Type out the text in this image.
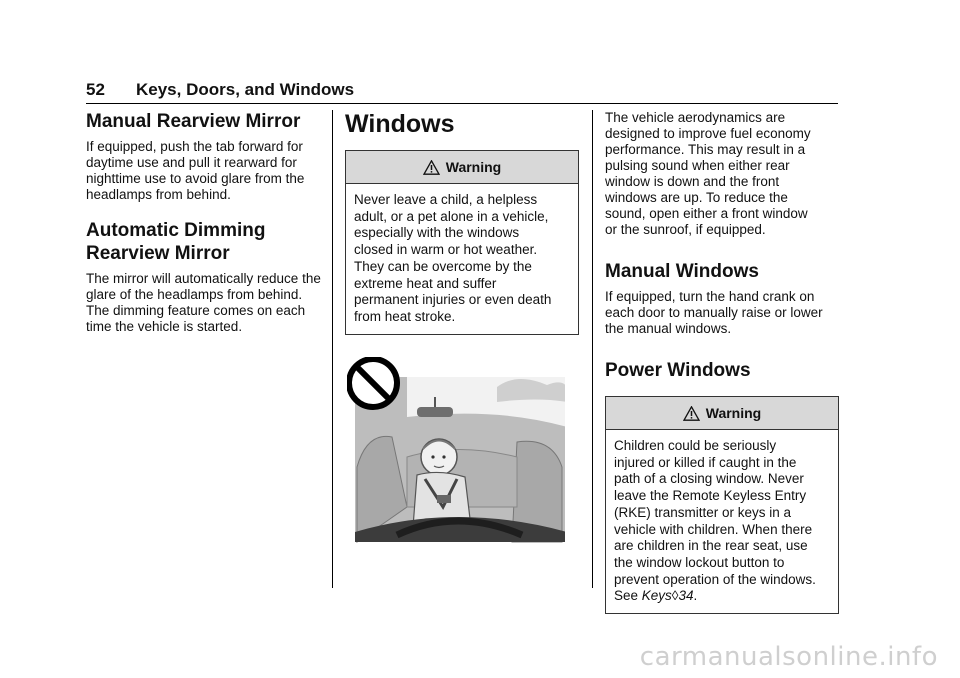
52 Keys, Doors, and Windows
Manual Rearview Mirror

If equipped, push the tab forward for daytime use and pull it rearward for nighttime use to avoid glare from the headlamps from behind.

Automatic Dimming
Rearview Mirror

The mirror will automatically reduce the glare of the headlamps from behind. The dimming feature comes on each time the vehicle is started.

Windows
Warning
Never leave a child, a helpless
adult, or a pet alone in a vehicle,
especially with the windows
closed in warm or hot weather.
They can be overcome by the
extreme heat and suffer
permanent injuries or even death
from heat stroke.

The vehicle aerodynamics are
designed to improve fuel economy
performance. This may result in a
pulsing sound when either rear
window is down and the front
windows are up. To reduce the
sound, open either a front window
or the sunroof, if equipped.

Manual Windows

If equipped, turn the hand crank on
each door to manually raise or lower
the manual windows.

Power Windows
Warning
Children could be seriously
injured or killed if caught in the
path of a closing window. Never
leave the Remote Keyless Entry
(RKE) transmitter or keys in a
vehicle with children. When there
are children in the rear seat, use
the window lockout button to
prevent operation of the windows.
See Keys◊34.
carmanualsonline.info
